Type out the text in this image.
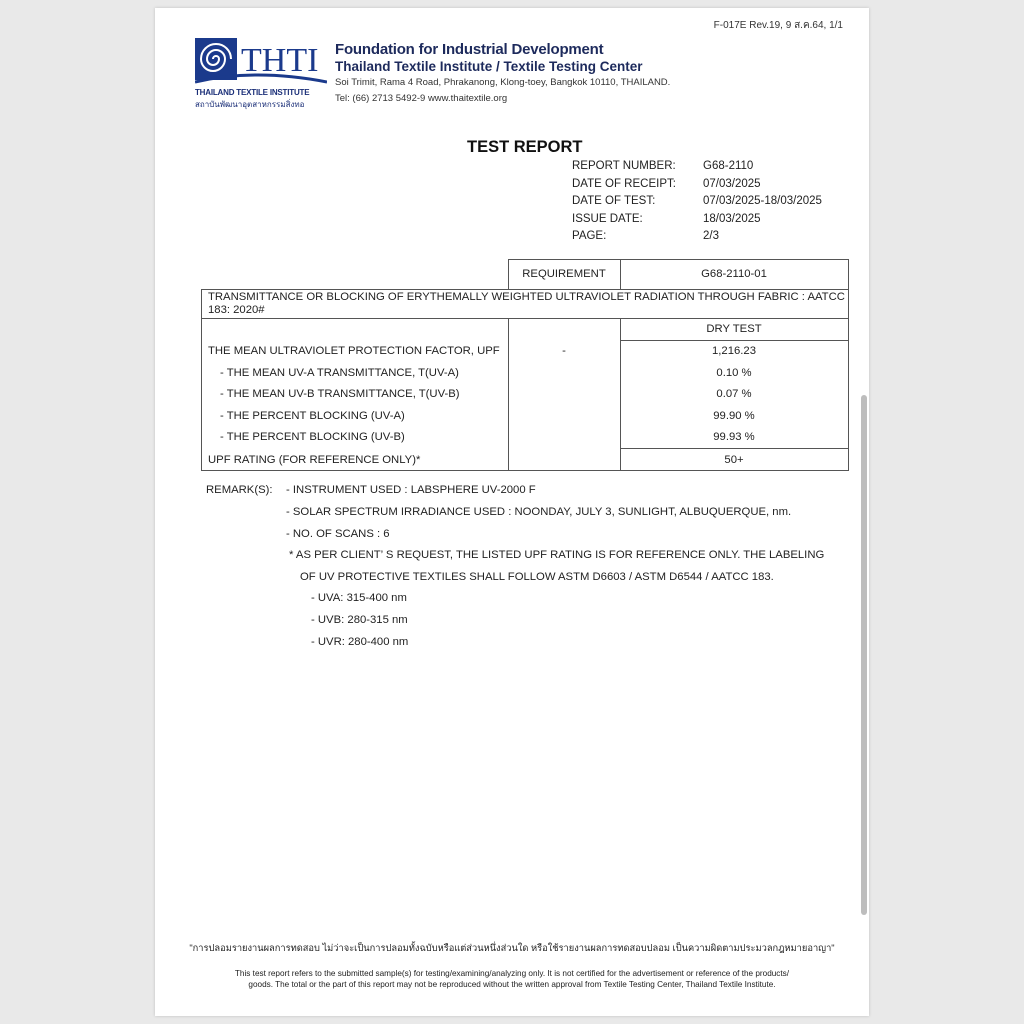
F-017E Rev.19, 9 ส.ค.64, 1/1
THTI
THAILAND TEXTILE INSTITUTE
สถาบันพัฒนาอุตสาหกรรมสิ่งทอ
Foundation for Industrial Development
Thailand Textile Institute / Textile Testing Center
Soi Trimit, Rama 4 Road, Phrakanong, Klong-toey, Bangkok 10110, THAILAND.
Tel: (66) 2713 5492-9 www.thaitextile.org
TEST REPORT
REPORT NUMBER: G68-2110
DATE OF RECEIPT: 07/03/2025
DATE OF TEST:	07/03/2025-18/03/2025
ISSUE DATE:	18/03/2025
PAGE:	2/3
REQUIREMENT	G68-2110-01
TRANSMITTANCE OR BLOCKING OF ERYTHEMALLY WEIGHTED ULTRAVIOLET RADIATION THROUGH FABRIC : AATCC
183: 2020#
DRY TEST
-
THE MEAN ULTRAVIOLET PROTECTION FACTOR, UPF	1,216.23
- THE MEAN UV-A TRANSMITTANCE, T(UV-A)	0.10 %
- THE MEAN UV-B TRANSMITTANCE, T(UV-B)	0.07 %
- THE PERCENT BLOCKING (UV-A)	99.90 %
- THE PERCENT BLOCKING (UV-B)	99.93 %
UPF RATING (FOR REFERENCE ONLY)*	50+
REMARK(S): - INSTRUMENT USED : LABSPHERE UV-2000 F
- SOLAR SPECTRUM IRRADIANCE USED : NOONDAY, JULY 3, SUNLIGHT, ALBUQUERQUE, nm.
- NO. OF SCANS : 6
* AS PER CLIENT’ S REQUEST, THE LISTED UPF RATING IS FOR REFERENCE ONLY. THE LABELING
OF UV PROTECTIVE TEXTILES SHALL FOLLOW ASTM D6603 / ASTM D6544 / AATCC 183.
- UVA: 315-400 nm
- UVB: 280-315 nm
- UVR: 280-400 nm
"การปลอมรายงานผลการทดสอบ ไม่ว่าจะเป็นการปลอมทั้งฉบับหรือแต่ส่วนหนึ่งส่วนใด หรือใช้รายงานผลการทดสอบปลอม เป็นความผิดตามประมวลกฎหมายอาญา"
This test report refers to the submitted sample(s) for testing/examining/analyzing only. It is not certified for the advertisement or reference of the products/
goods. The total or the part of this report may not be reproduced without the written approval from Textile Testing Center, Thailand Textile Institute.
